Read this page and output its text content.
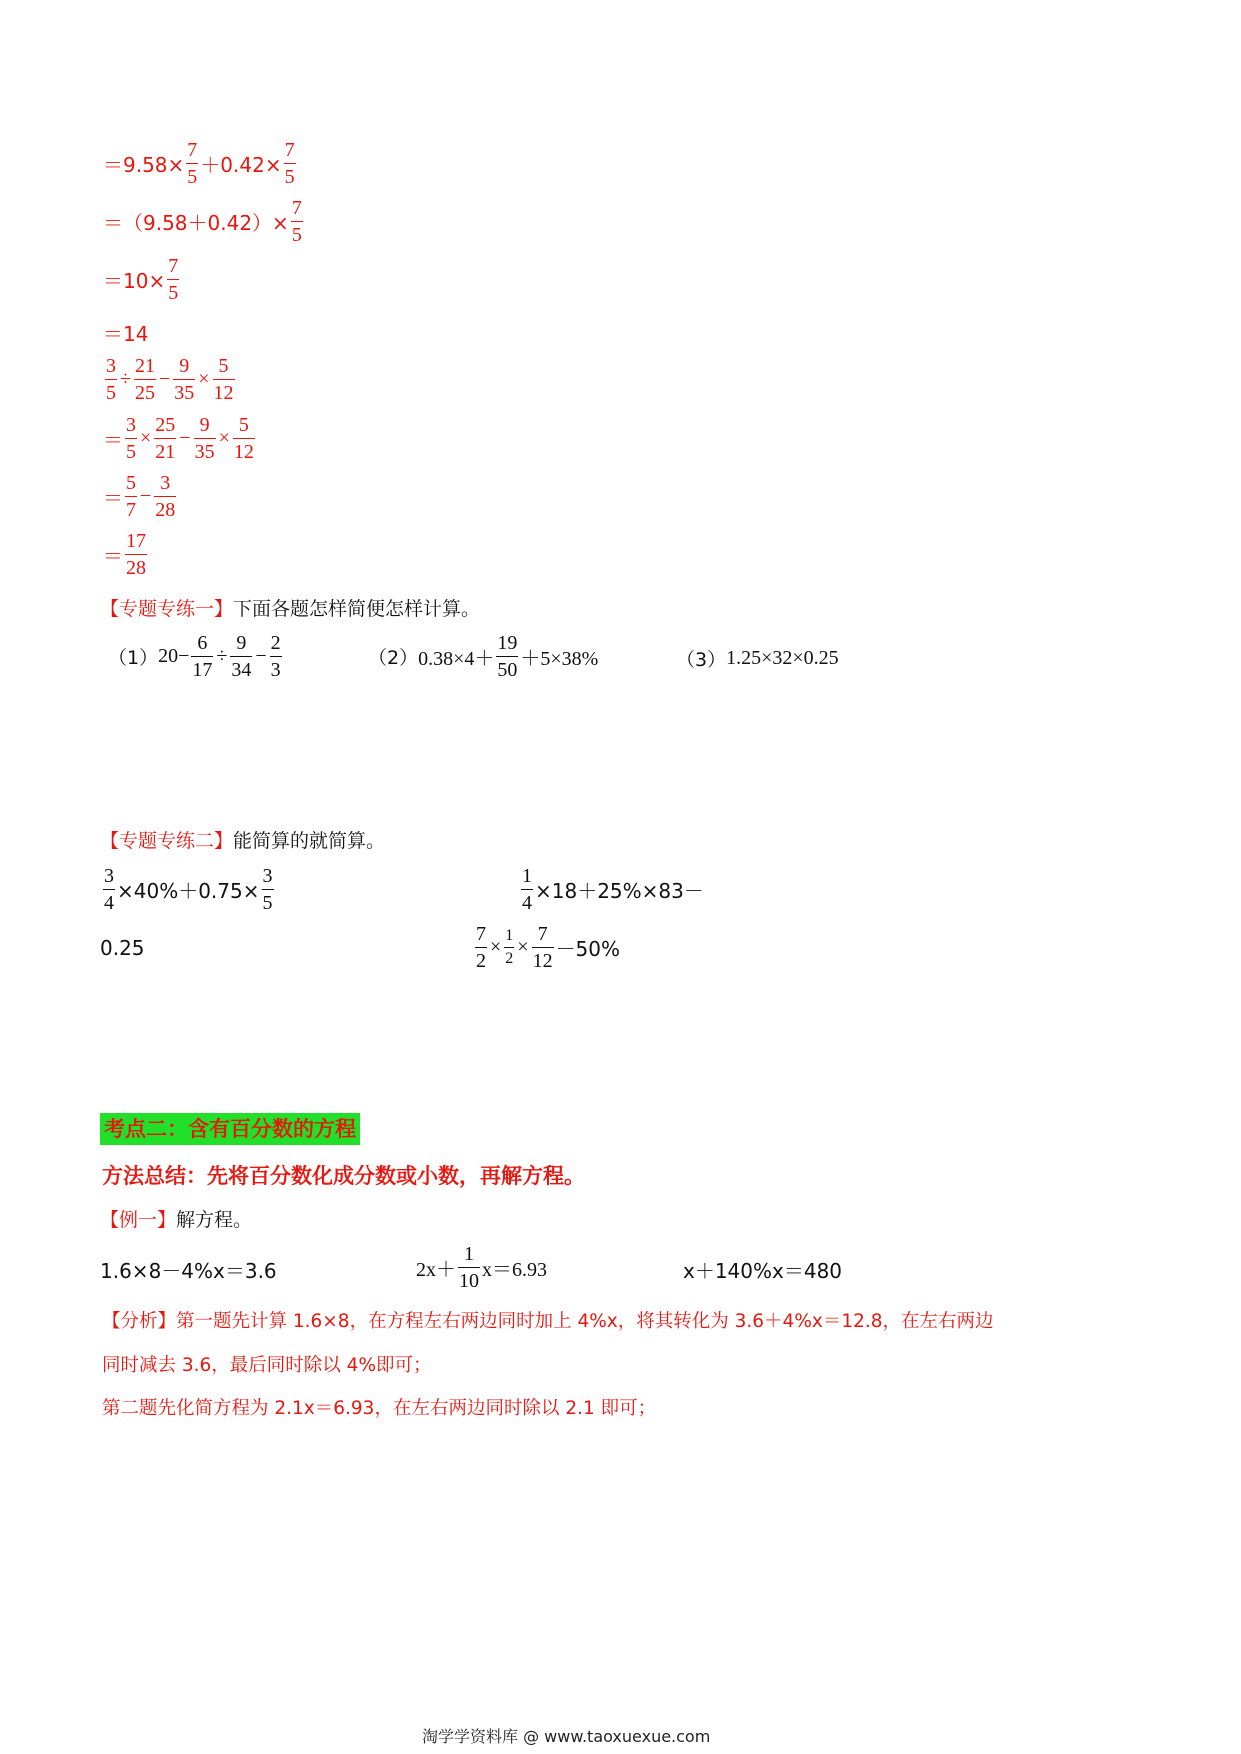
$=9.58\times \frac{7}{5} +0.42\times \frac{7}{5}$
$=(9.58+0.42)\times \frac{7}{5}$
$=10\times \frac{7}{5}$
＝14
$\frac{3}{5} \div \frac{21}{25} - \frac{9}{35} \times \frac{5}{12}$
＝ $\frac{3}{5} \times \frac{25}{21} - \frac{9}{35} \times \frac{5}{12}$
＝ $\frac{5}{7} - \frac{3}{28}$
＝ $\frac{17}{28}$
【专题专练一】下面各题怎样简便怎样计算。
（1） $20- \frac{6}{17} \div \frac{9}{34} - \frac{2}{3}$	（2） $0.38\times 4+ \frac{19}{50} +5\times 38\%$	（3） 1.25×32×0.25
【专题专练二】能简算的就简算。
$\frac{3}{4} \times 40\%+0.75\times \frac{3}{5}$	$\frac{1}{4} \times 18+25\%\times 83-$
0.25	$\frac{7}{2} \times \frac{1}{2} \times \frac{7}{12} -50\%$
考点二：含有百分数的方程
方法总结：先将百分数化成分数或小数，再解方程。
【例一】解方程。
1.6×8－4%x＝3.6	$2x+ \frac{1}{10} x=6.93$	x＋140%x＝480
【分析】第一题先计算 1.6×8，在方程左右两边同时加上 4%x，将其转化为 3.6＋4%x＝12.8，在左右两边
同时减去 3.6，最后同时除以 4%即可；
第二题先化简方程为 2.1x＝6.93，在左右两边同时除以 2.1 即可；
淘学学资料库 @ www.taoxuexue.com
